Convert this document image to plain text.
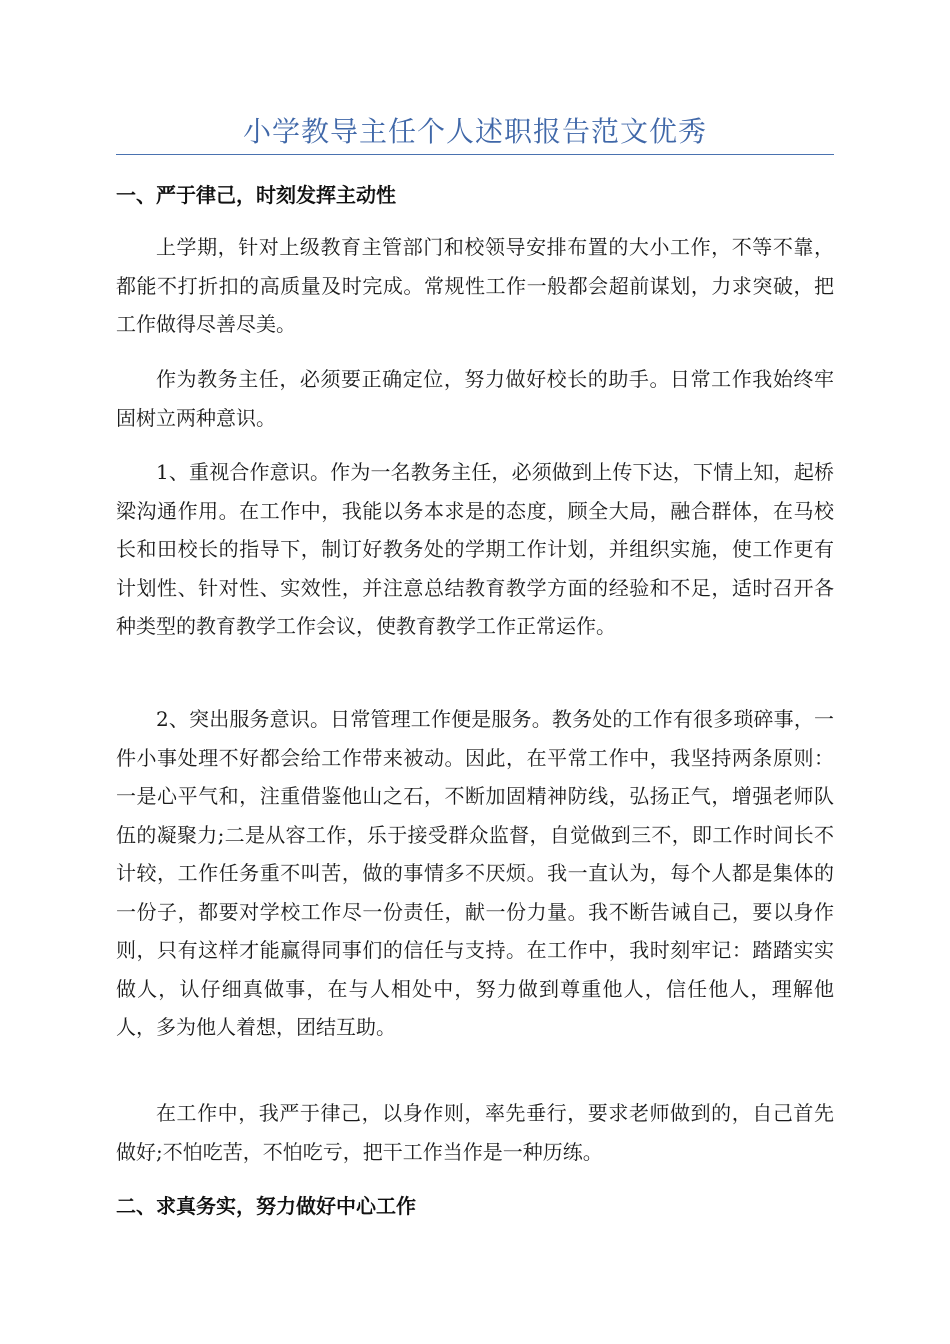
小学教导主任个人述职报告范文优秀
一、严于律己，时刻发挥主动性

上学期，针对上级教育主管部门和校领导安排布置的大小工作，不等不靠，都能不打折扣的高质量及时完成。常规性工作一般都会超前谋划，力求突破，把工作做得尽善尽美。

作为教务主任，必须要正确定位，努力做好校长的助手。日常工作我始终牢固树立两种意识。

1、重视合作意识。作为一名教务主任，必须做到上传下达，下情上知，起桥梁沟通作用。在工作中，我能以务本求是的态度，顾全大局，融合群体，在马校长和田校长的指导下，制订好教务处的学期工作计划，并组织实施，使工作更有计划性、针对性、实效性，并注意总结教育教学方面的经验和不足，适时召开各种类型的教育教学工作会议，使教育教学工作正常运作。

2、突出服务意识。日常管理工作便是服务。教务处的工作有很多琐碎事，一件小事处理不好都会给工作带来被动。因此，在平常工作中，我坚持两条原则：一是心平气和，注重借鉴他山之石，不断加固精神防线，弘扬正气，增强老师队伍的凝聚力;二是从容工作，乐于接受群众监督，自觉做到三不，即工作时间长不计较，工作任务重不叫苦，做的事情多不厌烦。我一直认为，每个人都是集体的一份子，都要对学校工作尽一份责任，献一份力量。我不断告诫自己，要以身作则，只有这样才能赢得同事们的信任与支持。在工作中，我时刻牢记：踏踏实实做人，认仔细真做事，在与人相处中，努力做到尊重他人，信任他人，理解他人，多为他人着想，团结互助。

在工作中，我严于律己，以身作则，率先垂行，要求老师做到的，自己首先做好;不怕吃苦，不怕吃亏，把干工作当作是一种历练。

二、求真务实，努力做好中心工作
